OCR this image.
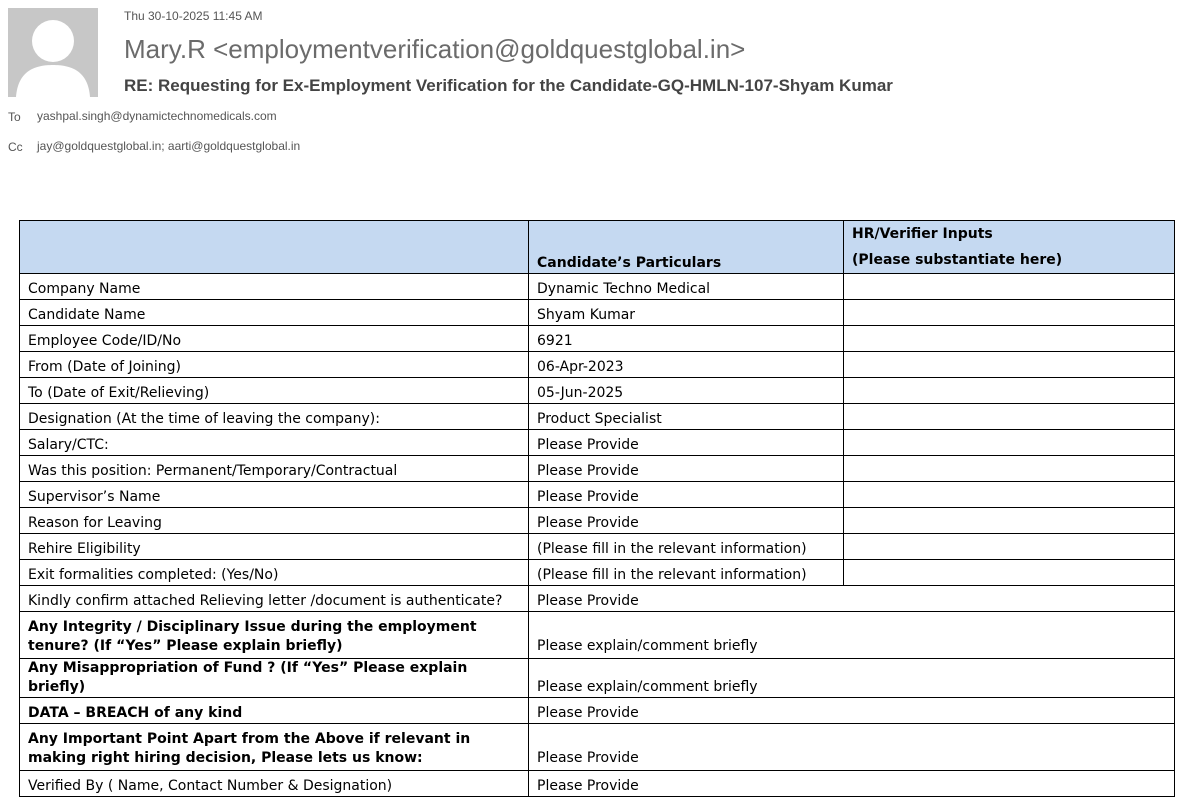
Thu 30-10-2025 11:45 AM
Mary.R <employmentverification@goldquestglobal.in>
RE: Requesting for Ex-Employment Verification for the Candidate-GQ-HMLN-107-Shyam Kumar
To yashpal.singh@dynamictechnomedicals.com
Cc jay@goldquestglobal.in; aarti@goldquestglobal.in
	Candidate’s Particulars	HR/Verifier Inputs
(Please substantiate here)

Company Name	Dynamic Techno Medical	
Candidate Name	Shyam Kumar	
Employee Code/ID/No	6921	
From (Date of Joining)	06-Apr-2023	
To (Date of Exit/Relieving)	05-Jun-2025	
Designation (At the time of leaving the company):	Product Specialist	
Salary/CTC:	Please Provide	
Was this position: Permanent/Temporary/Contractual	Please Provide	
Supervisor’s Name	Please Provide	
Reason for Leaving	Please Provide	
Rehire Eligibility	(Please fill in the relevant information)	
Exit formalities completed: (Yes/No)	(Please fill in the relevant information)	
Kindly confirm attached Relieving letter /document is authenticate?	Please Provide	
Any Integrity / Disciplinary Issue during the employment tenure? (If “Yes” Please explain briefly)	Please explain/comment briefly	
Any Misappropriation of Fund ? (If “Yes” Please explain briefly)	Please explain/comment briefly	
DATA – BREACH of any kind	Please Provide	
Any Important Point Apart from the Above if relevant in making right hiring decision, Please lets us know:	Please Provide	
Verified By ( Name, Contact Number & Designation)	Please Provide	
